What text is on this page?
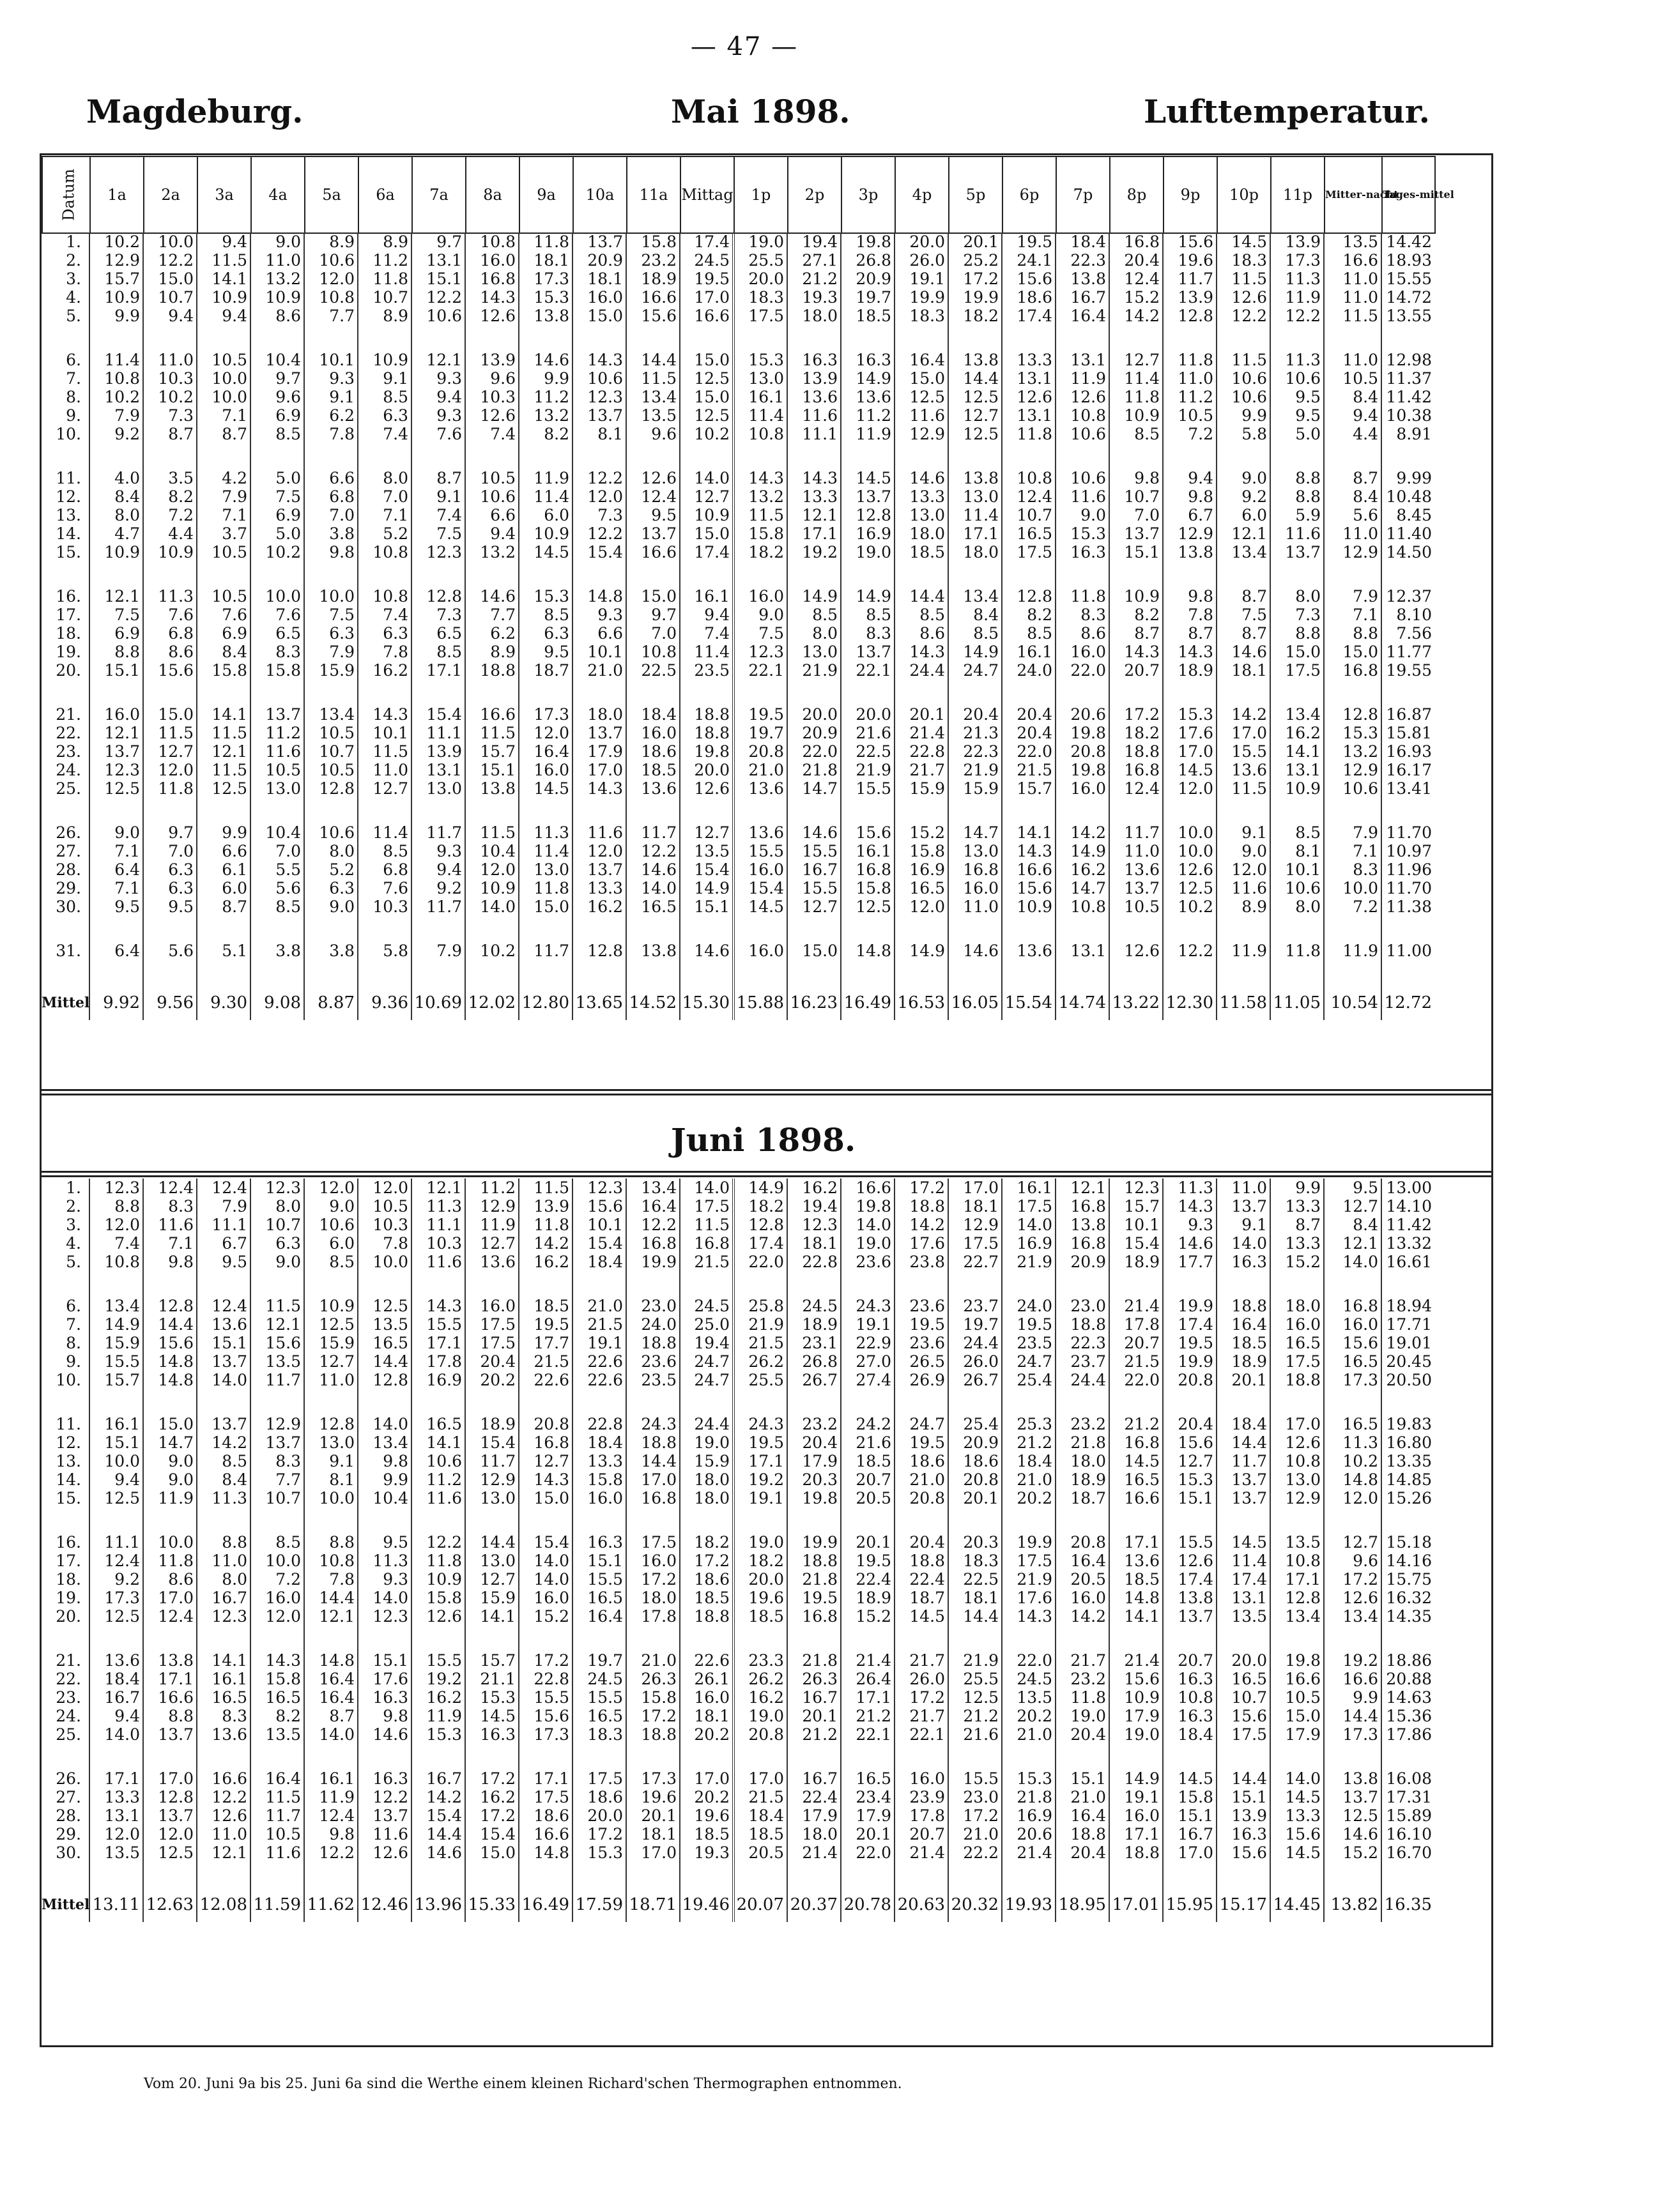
— 47 —
Magdeburg.	Mai 1898.	Lufttemperatur.
Datum	1a	2a	3a	4a	5a	6a	7a	8a	9a	10a	11a	Mittag	1p	2p	3p	4p	5p	6p	7p	8p	9p	10p	11p	Mitter-nacht	Tages-mittel
1.	10.2	10.0	9.4	9.0	8.9	8.9	9.7	10.8	11.8	13.7	15.8	17.4	19.0	19.4	19.8	20.0	20.1	19.5	18.4	16.8	15.6	14.5	13.9	13.5	14.42
2.	12.9	12.2	11.5	11.0	10.6	11.2	13.1	16.0	18.1	20.9	23.2	24.5	25.5	27.1	26.8	26.0	25.2	24.1	22.3	20.4	19.6	18.3	17.3	16.6	18.93
3.	15.7	15.0	14.1	13.2	12.0	11.8	15.1	16.8	17.3	18.1	18.9	19.5	20.0	21.2	20.9	19.1	17.2	15.6	13.8	12.4	11.7	11.5	11.3	11.0	15.55
4.	10.9	10.7	10.9	10.9	10.8	10.7	12.2	14.3	15.3	16.0	16.6	17.0	18.3	19.3	19.7	19.9	19.9	18.6	16.7	15.2	13.9	12.6	11.9	11.0	14.72
5.	9.9	9.4	9.4	8.6	7.7	8.9	10.6	12.6	13.8	15.0	15.6	16.6	17.5	18.0	18.5	18.3	18.2	17.4	16.4	14.2	12.8	12.2	12.2	11.5	13.55

6.	11.4	11.0	10.5	10.4	10.1	10.9	12.1	13.9	14.6	14.3	14.4	15.0	15.3	16.3	16.3	16.4	13.8	13.3	13.1	12.7	11.8	11.5	11.3	11.0	12.98
7.	10.8	10.3	10.0	9.7	9.3	9.1	9.3	9.6	9.9	10.6	11.5	12.5	13.0	13.9	14.9	15.0	14.4	13.1	11.9	11.4	11.0	10.6	10.6	10.5	11.37
8.	10.2	10.2	10.0	9.6	9.1	8.5	9.4	10.3	11.2	12.3	13.4	15.0	16.1	13.6	13.6	12.5	12.5	12.6	12.6	11.8	11.2	10.6	9.5	8.4	11.42
9.	7.9	7.3	7.1	6.9	6.2	6.3	9.3	12.6	13.2	13.7	13.5	12.5	11.4	11.6	11.2	11.6	12.7	13.1	10.8	10.9	10.5	9.9	9.5	9.4	10.38
10.	9.2	8.7	8.7	8.5	7.8	7.4	7.6	7.4	8.2	8.1	9.6	10.2	10.8	11.1	11.9	12.9	12.5	11.8	10.6	8.5	7.2	5.8	5.0	4.4	8.91

11.	4.0	3.5	4.2	5.0	6.6	8.0	8.7	10.5	11.9	12.2	12.6	14.0	14.3	14.3	14.5	14.6	13.8	10.8	10.6	9.8	9.4	9.0	8.8	8.7	9.99
12.	8.4	8.2	7.9	7.5	6.8	7.0	9.1	10.6	11.4	12.0	12.4	12.7	13.2	13.3	13.7	13.3	13.0	12.4	11.6	10.7	9.8	9.2	8.8	8.4	10.48
13.	8.0	7.2	7.1	6.9	7.0	7.1	7.4	6.6	6.0	7.3	9.5	10.9	11.5	12.1	12.8	13.0	11.4	10.7	9.0	7.0	6.7	6.0	5.9	5.6	8.45
14.	4.7	4.4	3.7	5.0	3.8	5.2	7.5	9.4	10.9	12.2	13.7	15.0	15.8	17.1	16.9	18.0	17.1	16.5	15.3	13.7	12.9	12.1	11.6	11.0	11.40
15.	10.9	10.9	10.5	10.2	9.8	10.8	12.3	13.2	14.5	15.4	16.6	17.4	18.2	19.2	19.0	18.5	18.0	17.5	16.3	15.1	13.8	13.4	13.7	12.9	14.50

16.	12.1	11.3	10.5	10.0	10.0	10.8	12.8	14.6	15.3	14.8	15.0	16.1	16.0	14.9	14.9	14.4	13.4	12.8	11.8	10.9	9.8	8.7	8.0	7.9	12.37
17.	7.5	7.6	7.6	7.6	7.5	7.4	7.3	7.7	8.5	9.3	9.7	9.4	9.0	8.5	8.5	8.5	8.4	8.2	8.3	8.2	7.8	7.5	7.3	7.1	8.10
18.	6.9	6.8	6.9	6.5	6.3	6.3	6.5	6.2	6.3	6.6	7.0	7.4	7.5	8.0	8.3	8.6	8.5	8.5	8.6	8.7	8.7	8.7	8.8	8.8	7.56
19.	8.8	8.6	8.4	8.3	7.9	7.8	8.5	8.9	9.5	10.1	10.8	11.4	12.3	13.0	13.7	14.3	14.9	16.1	16.0	14.3	14.3	14.6	15.0	15.0	11.77
20.	15.1	15.6	15.8	15.8	15.9	16.2	17.1	18.8	18.7	21.0	22.5	23.5	22.1	21.9	22.1	24.4	24.7	24.0	22.0	20.7	18.9	18.1	17.5	16.8	19.55

21.	16.0	15.0	14.1	13.7	13.4	14.3	15.4	16.6	17.3	18.0	18.4	18.8	19.5	20.0	20.0	20.1	20.4	20.4	20.6	17.2	15.3	14.2	13.4	12.8	16.87
22.	12.1	11.5	11.5	11.2	10.5	10.1	11.1	11.5	12.0	13.7	16.0	18.8	19.7	20.9	21.6	21.4	21.3	20.4	19.8	18.2	17.6	17.0	16.2	15.3	15.81
23.	13.7	12.7	12.1	11.6	10.7	11.5	13.9	15.7	16.4	17.9	18.6	19.8	20.8	22.0	22.5	22.8	22.3	22.0	20.8	18.8	17.0	15.5	14.1	13.2	16.93
24.	12.3	12.0	11.5	10.5	10.5	11.0	13.1	15.1	16.0	17.0	18.5	20.0	21.0	21.8	21.9	21.7	21.9	21.5	19.8	16.8	14.5	13.6	13.1	12.9	16.17
25.	12.5	11.8	12.5	13.0	12.8	12.7	13.0	13.8	14.5	14.3	13.6	12.6	13.6	14.7	15.5	15.9	15.9	15.7	16.0	12.4	12.0	11.5	10.9	10.6	13.41

26.	9.0	9.7	9.9	10.4	10.6	11.4	11.7	11.5	11.3	11.6	11.7	12.7	13.6	14.6	15.6	15.2	14.7	14.1	14.2	11.7	10.0	9.1	8.5	7.9	11.70
27.	7.1	7.0	6.6	7.0	8.0	8.5	9.3	10.4	11.4	12.0	12.2	13.5	15.5	15.5	16.1	15.8	13.0	14.3	14.9	11.0	10.0	9.0	8.1	7.1	10.97
28.	6.4	6.3	6.1	5.5	5.2	6.8	9.4	12.0	13.0	13.7	14.6	15.4	16.0	16.7	16.8	16.9	16.8	16.6	16.2	13.6	12.6	12.0	10.1	8.3	11.96
29.	7.1	6.3	6.0	5.6	6.3	7.6	9.2	10.9	11.8	13.3	14.0	14.9	15.4	15.5	15.8	16.5	16.0	15.6	14.7	13.7	12.5	11.6	10.6	10.0	11.70
30.	9.5	9.5	8.7	8.5	9.0	10.3	11.7	14.0	15.0	16.2	16.5	15.1	14.5	12.7	12.5	12.0	11.0	10.9	10.8	10.5	10.2	8.9	8.0	7.2	11.38

31.	6.4	5.6	5.1	3.8	3.8	5.8	7.9	10.2	11.7	12.8	13.8	14.6	16.0	15.0	14.8	14.9	14.6	13.6	13.1	12.6	12.2	11.9	11.8	11.9	11.00

Mittel	9.92	9.56	9.30	9.08	8.87	9.36	10.69	12.02	12.80	13.65	14.52	15.30	15.88	16.23	16.49	16.53	16.05	15.54	14.74	13.22	12.30	11.58	11.05	10.54	12.72
Juni 1898.
1.	12.3	12.4	12.4	12.3	12.0	12.0	12.1	11.2	11.5	12.3	13.4	14.0	14.9	16.2	16.6	17.2	17.0	16.1	12.1	12.3	11.3	11.0	9.9	9.5	13.00
2.	8.8	8.3	7.9	8.0	9.0	10.5	11.3	12.9	13.9	15.6	16.4	17.5	18.2	19.4	19.8	18.8	18.1	17.5	16.8	15.7	14.3	13.7	13.3	12.7	14.10
3.	12.0	11.6	11.1	10.7	10.6	10.3	11.1	11.9	11.8	10.1	12.2	11.5	12.8	12.3	14.0	14.2	12.9	14.0	13.8	10.1	9.3	9.1	8.7	8.4	11.42
4.	7.4	7.1	6.7	6.3	6.0	7.8	10.3	12.7	14.2	15.4	16.8	16.8	17.4	18.1	19.0	17.6	17.5	16.9	16.8	15.4	14.6	14.0	13.3	12.1	13.32
5.	10.8	9.8	9.5	9.0	8.5	10.0	11.6	13.6	16.2	18.4	19.9	21.5	22.0	22.8	23.6	23.8	22.7	21.9	20.9	18.9	17.7	16.3	15.2	14.0	16.61

6.	13.4	12.8	12.4	11.5	10.9	12.5	14.3	16.0	18.5	21.0	23.0	24.5	25.8	24.5	24.3	23.6	23.7	24.0	23.0	21.4	19.9	18.8	18.0	16.8	18.94
7.	14.9	14.4	13.6	12.1	12.5	13.5	15.5	17.5	19.5	21.5	24.0	25.0	21.9	18.9	19.1	19.5	19.7	19.5	18.8	17.8	17.4	16.4	16.0	16.0	17.71
8.	15.9	15.6	15.1	15.6	15.9	16.5	17.1	17.5	17.7	19.1	18.8	19.4	21.5	23.1	22.9	23.6	24.4	23.5	22.3	20.7	19.5	18.5	16.5	15.6	19.01
9.	15.5	14.8	13.7	13.5	12.7	14.4	17.8	20.4	21.5	22.6	23.6	24.7	26.2	26.8	27.0	26.5	26.0	24.7	23.7	21.5	19.9	18.9	17.5	16.5	20.45
10.	15.7	14.8	14.0	11.7	11.0	12.8	16.9	20.2	22.6	22.6	23.5	24.7	25.5	26.7	27.4	26.9	26.7	25.4	24.4	22.0	20.8	20.1	18.8	17.3	20.50

11.	16.1	15.0	13.7	12.9	12.8	14.0	16.5	18.9	20.8	22.8	24.3	24.4	24.3	23.2	24.2	24.7	25.4	25.3	23.2	21.2	20.4	18.4	17.0	16.5	19.83
12.	15.1	14.7	14.2	13.7	13.0	13.4	14.1	15.4	16.8	18.4	18.8	19.0	19.5	20.4	21.6	19.5	20.9	21.2	21.8	16.8	15.6	14.4	12.6	11.3	16.80
13.	10.0	9.0	8.5	8.3	9.1	9.8	10.6	11.7	12.7	13.3	14.4	15.9	17.1	17.9	18.5	18.6	18.6	18.4	18.0	14.5	12.7	11.7	10.8	10.2	13.35
14.	9.4	9.0	8.4	7.7	8.1	9.9	11.2	12.9	14.3	15.8	17.0	18.0	19.2	20.3	20.7	21.0	20.8	21.0	18.9	16.5	15.3	13.7	13.0	14.8	14.85
15.	12.5	11.9	11.3	10.7	10.0	10.4	11.6	13.0	15.0	16.0	16.8	18.0	19.1	19.8	20.5	20.8	20.1	20.2	18.7	16.6	15.1	13.7	12.9	12.0	15.26

16.	11.1	10.0	8.8	8.5	8.8	9.5	12.2	14.4	15.4	16.3	17.5	18.2	19.0	19.9	20.1	20.4	20.3	19.9	20.8	17.1	15.5	14.5	13.5	12.7	15.18
17.	12.4	11.8	11.0	10.0	10.8	11.3	11.8	13.0	14.0	15.1	16.0	17.2	18.2	18.8	19.5	18.8	18.3	17.5	16.4	13.6	12.6	11.4	10.8	9.6	14.16
18.	9.2	8.6	8.0	7.2	7.8	9.3	10.9	12.7	14.0	15.5	17.2	18.6	20.0	21.8	22.4	22.4	22.5	21.9	20.5	18.5	17.4	17.4	17.1	17.2	15.75
19.	17.3	17.0	16.7	16.0	14.4	14.0	15.8	15.9	16.0	16.5	18.0	18.5	19.6	19.5	18.9	18.7	18.1	17.6	16.0	14.8	13.8	13.1	12.8	12.6	16.32
20.	12.5	12.4	12.3	12.0	12.1	12.3	12.6	14.1	15.2	16.4	17.8	18.8	18.5	16.8	15.2	14.5	14.4	14.3	14.2	14.1	13.7	13.5	13.4	13.4	14.35

21.	13.6	13.8	14.1	14.3	14.8	15.1	15.5	15.7	17.2	19.7	21.0	22.6	23.3	21.8	21.4	21.7	21.9	22.0	21.7	21.4	20.7	20.0	19.8	19.2	18.86
22.	18.4	17.1	16.1	15.8	16.4	17.6	19.2	21.1	22.8	24.5	26.3	26.1	26.2	26.3	26.4	26.0	25.5	24.5	23.2	15.6	16.3	16.5	16.6	16.6	20.88
23.	16.7	16.6	16.5	16.5	16.4	16.3	16.2	15.3	15.5	15.5	15.8	16.0	16.2	16.7	17.1	17.2	12.5	13.5	11.8	10.9	10.8	10.7	10.5	9.9	14.63
24.	9.4	8.8	8.3	8.2	8.7	9.8	11.9	14.5	15.6	16.5	17.2	18.1	19.0	20.1	21.2	21.7	21.2	20.2	19.0	17.9	16.3	15.6	15.0	14.4	15.36
25.	14.0	13.7	13.6	13.5	14.0	14.6	15.3	16.3	17.3	18.3	18.8	20.2	20.8	21.2	22.1	22.1	21.6	21.0	20.4	19.0	18.4	17.5	17.9	17.3	17.86

26.	17.1	17.0	16.6	16.4	16.1	16.3	16.7	17.2	17.1	17.5	17.3	17.0	17.0	16.7	16.5	16.0	15.5	15.3	15.1	14.9	14.5	14.4	14.0	13.8	16.08
27.	13.3	12.8	12.2	11.5	11.9	12.2	14.2	16.2	17.5	18.6	19.6	20.2	21.5	22.4	23.4	23.9	23.0	21.8	21.0	19.1	15.8	15.1	14.5	13.7	17.31
28.	13.1	13.7	12.6	11.7	12.4	13.7	15.4	17.2	18.6	20.0	20.1	19.6	18.4	17.9	17.9	17.8	17.2	16.9	16.4	16.0	15.1	13.9	13.3	12.5	15.89
29.	12.0	12.0	11.0	10.5	9.8	11.6	14.4	15.4	16.6	17.2	18.1	18.5	18.5	18.0	20.1	20.7	21.0	20.6	18.8	17.1	16.7	16.3	15.6	14.6	16.10
30.	13.5	12.5	12.1	11.6	12.2	12.6	14.6	15.0	14.8	15.3	17.0	19.3	20.5	21.4	22.0	21.4	22.2	21.4	20.4	18.8	17.0	15.6	14.5	15.2	16.70

Mittel	13.11	12.63	12.08	11.59	11.62	12.46	13.96	15.33	16.49	17.59	18.71	19.46	20.07	20.37	20.78	20.63	20.32	19.93	18.95	17.01	15.95	15.17	14.45	13.82	16.35
Vom 20. Juni 9a bis 25. Juni 6a sind die Werthe einem kleinen Richard'schen Thermographen entnommen.
